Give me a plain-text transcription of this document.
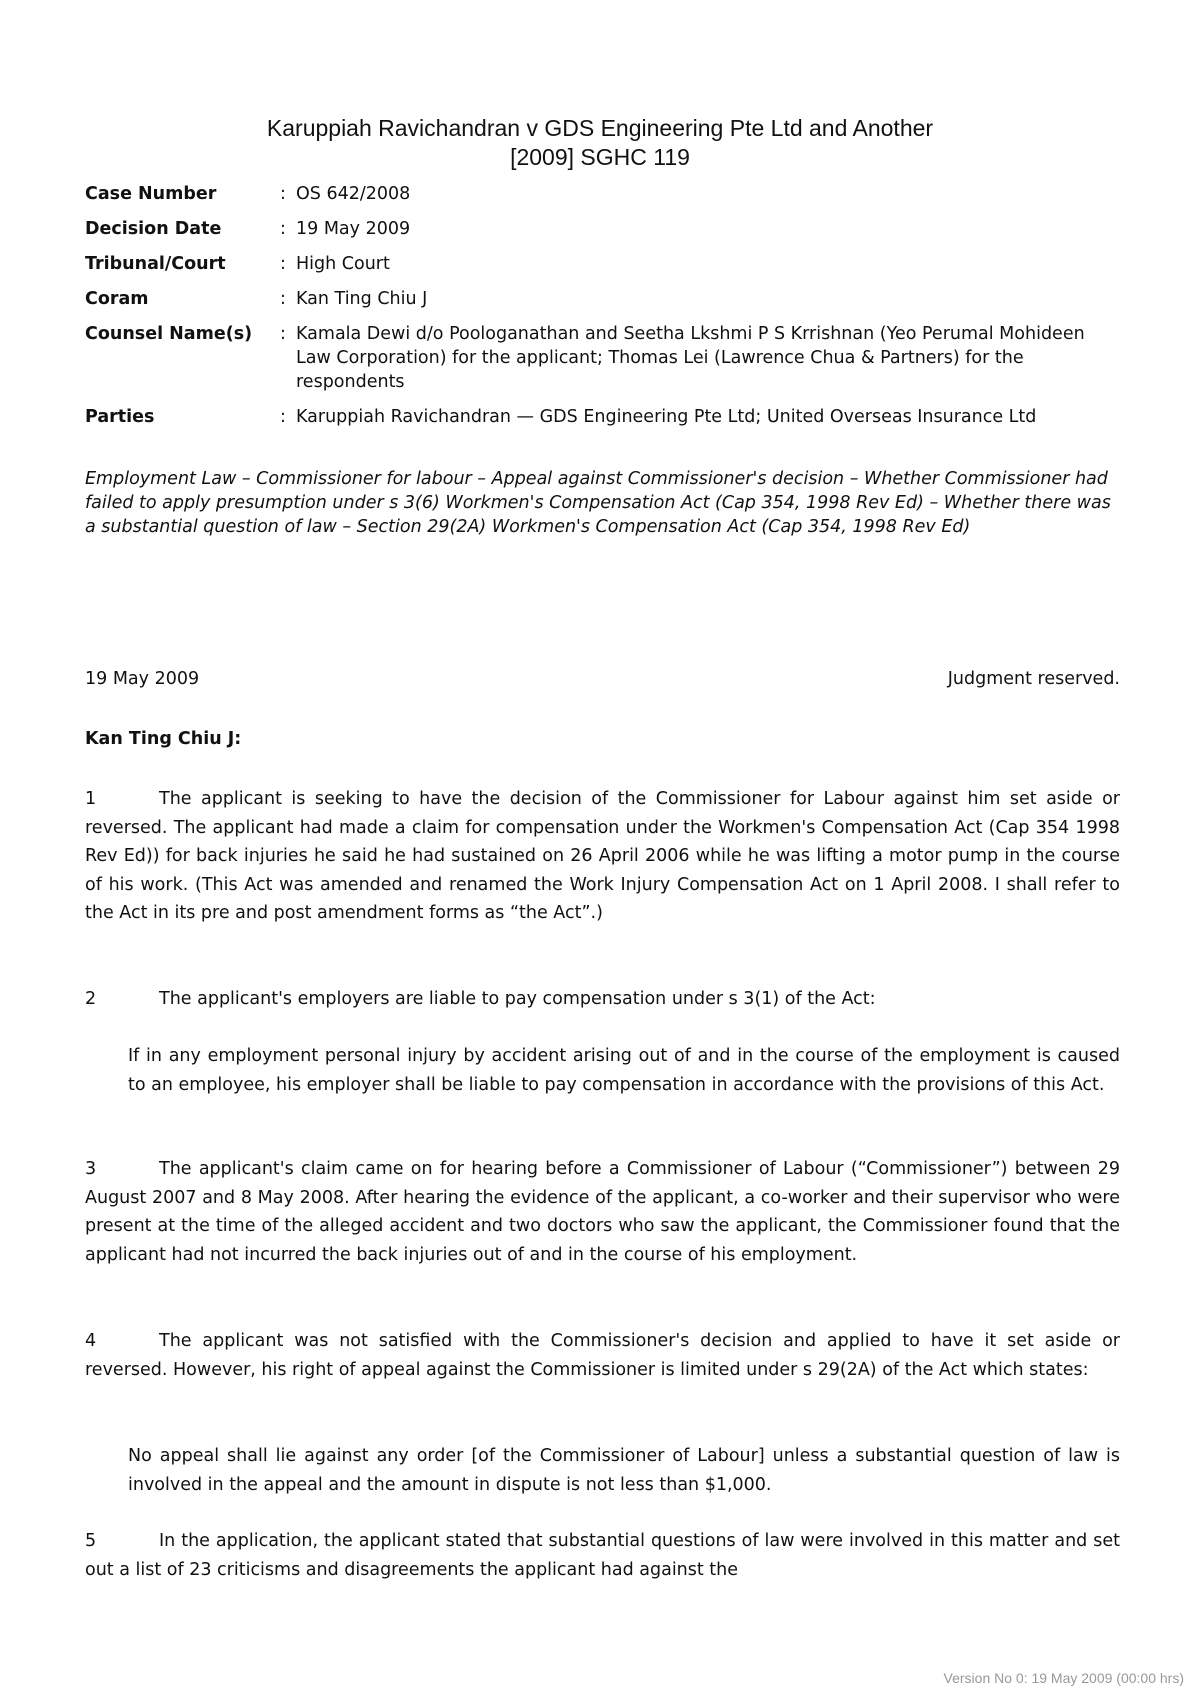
Karuppiah Ravichandran v GDS Engineering Pte Ltd and Another
[2009] SGHC 119
Case Number	: OS 642/2008
Decision Date	: 19 May 2009
Tribunal/Court	: High Court
Coram	: Kan Ting Chiu J
Counsel Name(s)	: Kamala Dewi d/o Poologanathan and Seetha Lkshmi P S Krrishnan (Yeo Perumal Mohideen Law Corporation) for the applicant; Thomas Lei (Lawrence Chua & Partners) for the respondents
Parties	: Karuppiah Ravichandran — GDS Engineering Pte Ltd; United Overseas Insurance Ltd
Employment Law – Commissioner for labour – Appeal against Commissioner's decision – Whether Commissioner had failed to apply presumption under s 3(6) Workmen's Compensation Act (Cap 354, 1998 Rev Ed) – Whether there was a substantial question of law – Section 29(2A) Workmen's Compensation Act (Cap 354, 1998 Rev Ed)
19 May 2009	Judgment reserved.
Kan Ting Chiu J:
1	The applicant is seeking to have the decision of the Commissioner for Labour against him set aside or reversed. The applicant had made a claim for compensation under the Workmen's Compensation Act (Cap 354 1998 Rev Ed)) for back injuries he said he had sustained on 26 April 2006 while he was lifting a motor pump in the course of his work. (This Act was amended and renamed the Work Injury Compensation Act on 1 April 2008. I shall refer to the Act in its pre and post amendment forms as “the Act”.)
2	The applicant's employers are liable to pay compensation under s 3(1) of the Act:
If in any employment personal injury by accident arising out of and in the course of the employment is caused to an employee, his employer shall be liable to pay compensation in accordance with the provisions of this Act.
3	The applicant's claim came on for hearing before a Commissioner of Labour (“Commissioner”) between 29 August 2007 and 8 May 2008. After hearing the evidence of the applicant, a co-worker and their supervisor who were present at the time of the alleged accident and two doctors who saw the applicant, the Commissioner found that the applicant had not incurred the back injuries out of and in the course of his employment.
4	The applicant was not satisfied with the Commissioner's decision and applied to have it set aside or reversed. However, his right of appeal against the Commissioner is limited under s 29(2A) of the Act which states:
No appeal shall lie against any order [of the Commissioner of Labour] unless a substantial question of law is involved in the appeal and the amount in dispute is not less than $1,000.
5	In the application, the applicant stated that substantial questions of law were involved in this matter and set out a list of 23 criticisms and disagreements the applicant had against the
Version No 0: 19 May 2009 (00:00 hrs)
